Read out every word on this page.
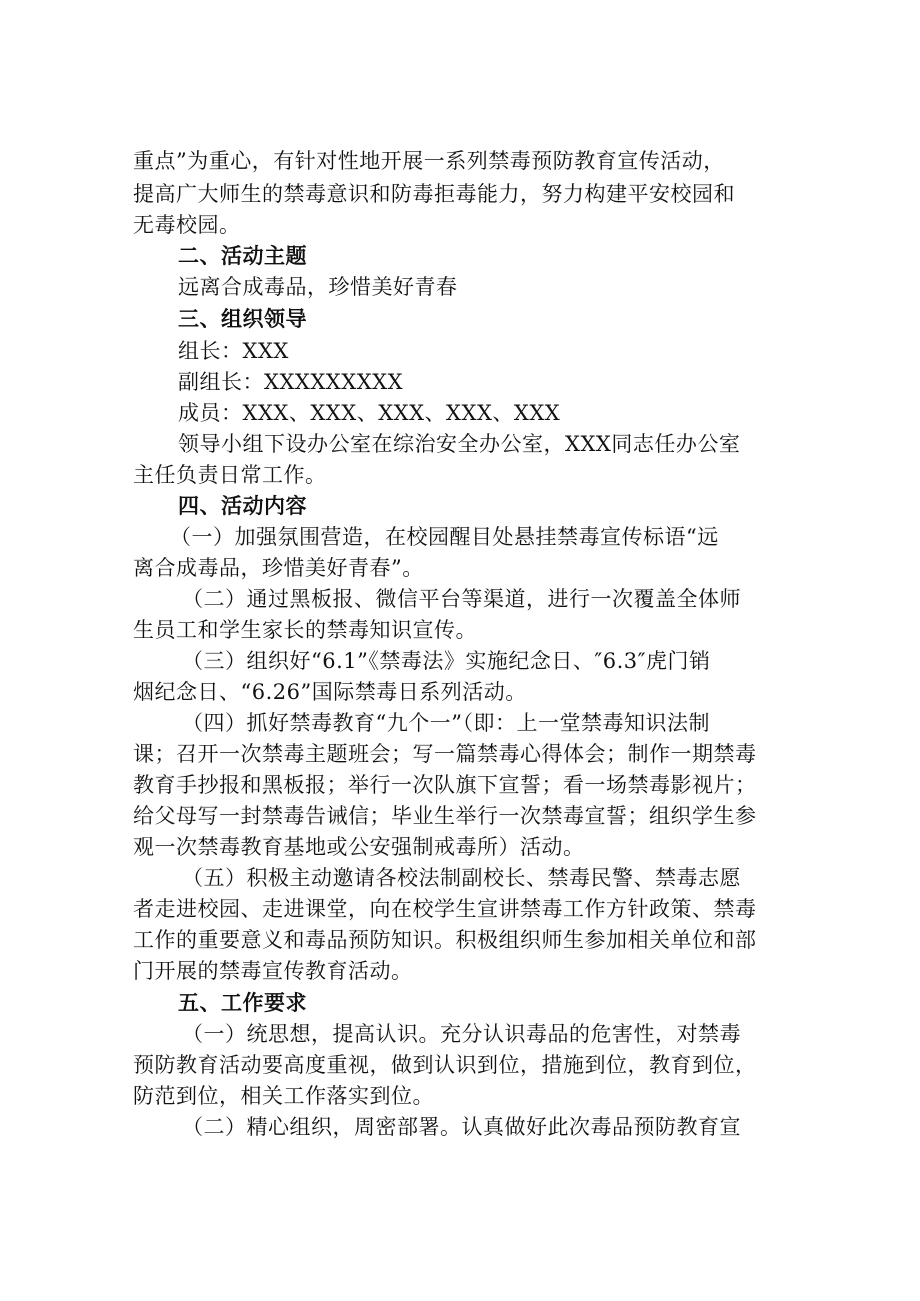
重点”为重心，有针对性地开展一系列禁毒预防教育宣传活动，
提高广大师生的禁毒意识和防毒拒毒能力，努力构建平安校园和
无毒校园。
二、活动主题
远离合成毒品，珍惜美好青春
三、组织领导
组长：XXX
副组长：XXXXXXXXX
成员：XXX、XXX、XXX、XXX、XXX
领导小组下设办公室在综治安全办公室，XXX同志任办公室
主任负责日常工作。
四、活动内容
（一）加强氛围营造，在校园醒目处悬挂禁毒宣传标语“远
离合成毒品，珍惜美好青春”。
（二）通过黑板报、微信平台等渠道，进行一次覆盖全体师
生员工和学生家长的禁毒知识宣传。
（三）组织好“6.1”《禁毒法》实施纪念日、″6.3″虎门销
烟纪念日、“6.26”国际禁毒日系列活动。
（四）抓好禁毒教育“九个一”（即：上一堂禁毒知识法制
课；召开一次禁毒主题班会；写一篇禁毒心得体会；制作一期禁毒
教育手抄报和黑板报；举行一次队旗下宣誓；看一场禁毒影视片；
给父母写一封禁毒告诫信；毕业生举行一次禁毒宣誓；组织学生参
观一次禁毒教育基地或公安强制戒毒所）活动。
（五）积极主动邀请各校法制副校长、禁毒民警、禁毒志愿
者走进校园、走进课堂，向在校学生宣讲禁毒工作方针政策、禁毒
工作的重要意义和毒品预防知识。积极组织师生参加相关单位和部
门开展的禁毒宣传教育活动。
五、工作要求
（一）统思想，提高认识。充分认识毒品的危害性，对禁毒
预防教育活动要高度重视，做到认识到位，措施到位，教育到位，
防范到位，相关工作落实到位。
（二）精心组织，周密部署。认真做好此次毒品预防教育宣
